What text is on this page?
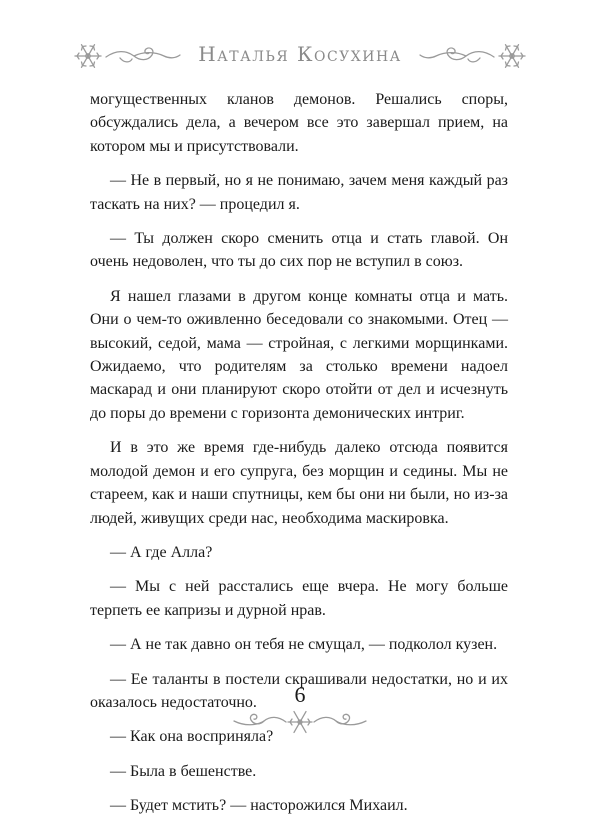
Наталья Косухина

могущественных кланов демонов. Решались споры, обсуждались дела, а вечером все это завершал прием, на котором мы и присутствовали.

— Не в первый, но я не понимаю, зачем меня каждый раз таскать на них? — процедил я.

— Ты должен скоро сменить отца и стать главой. Он очень недоволен, что ты до сих пор не вступил в союз.

Я нашел глазами в другом конце комнаты отца и мать. Они о чем-то оживленно беседовали со знакомыми. Отец — высокий, седой, мама — стройная, с легкими морщинками. Ожидаемо, что родителям за столько времени надоел маскарад и они планируют скоро отойти от дел и исчезнуть до поры до времени с горизонта демонических интриг.

И в это же время где-нибудь далеко отсюда появится молодой демон и его супруга, без морщин и седины. Мы не стареем, как и наши спутницы, кем бы они ни были, но из-за людей, живущих среди нас, необходима маскировка.

— А где Алла?

— Мы с ней расстались еще вчера. Не могу больше терпеть ее капризы и дурной нрав.

— А не так давно он тебя не смущал, — подколол кузен.

— Ее таланты в постели скрашивали недостатки, но и их оказалось недостаточно.

— Как она восприняла?

— Была в бешенстве.

— Будет мстить? — насторожился Михаил.

6
